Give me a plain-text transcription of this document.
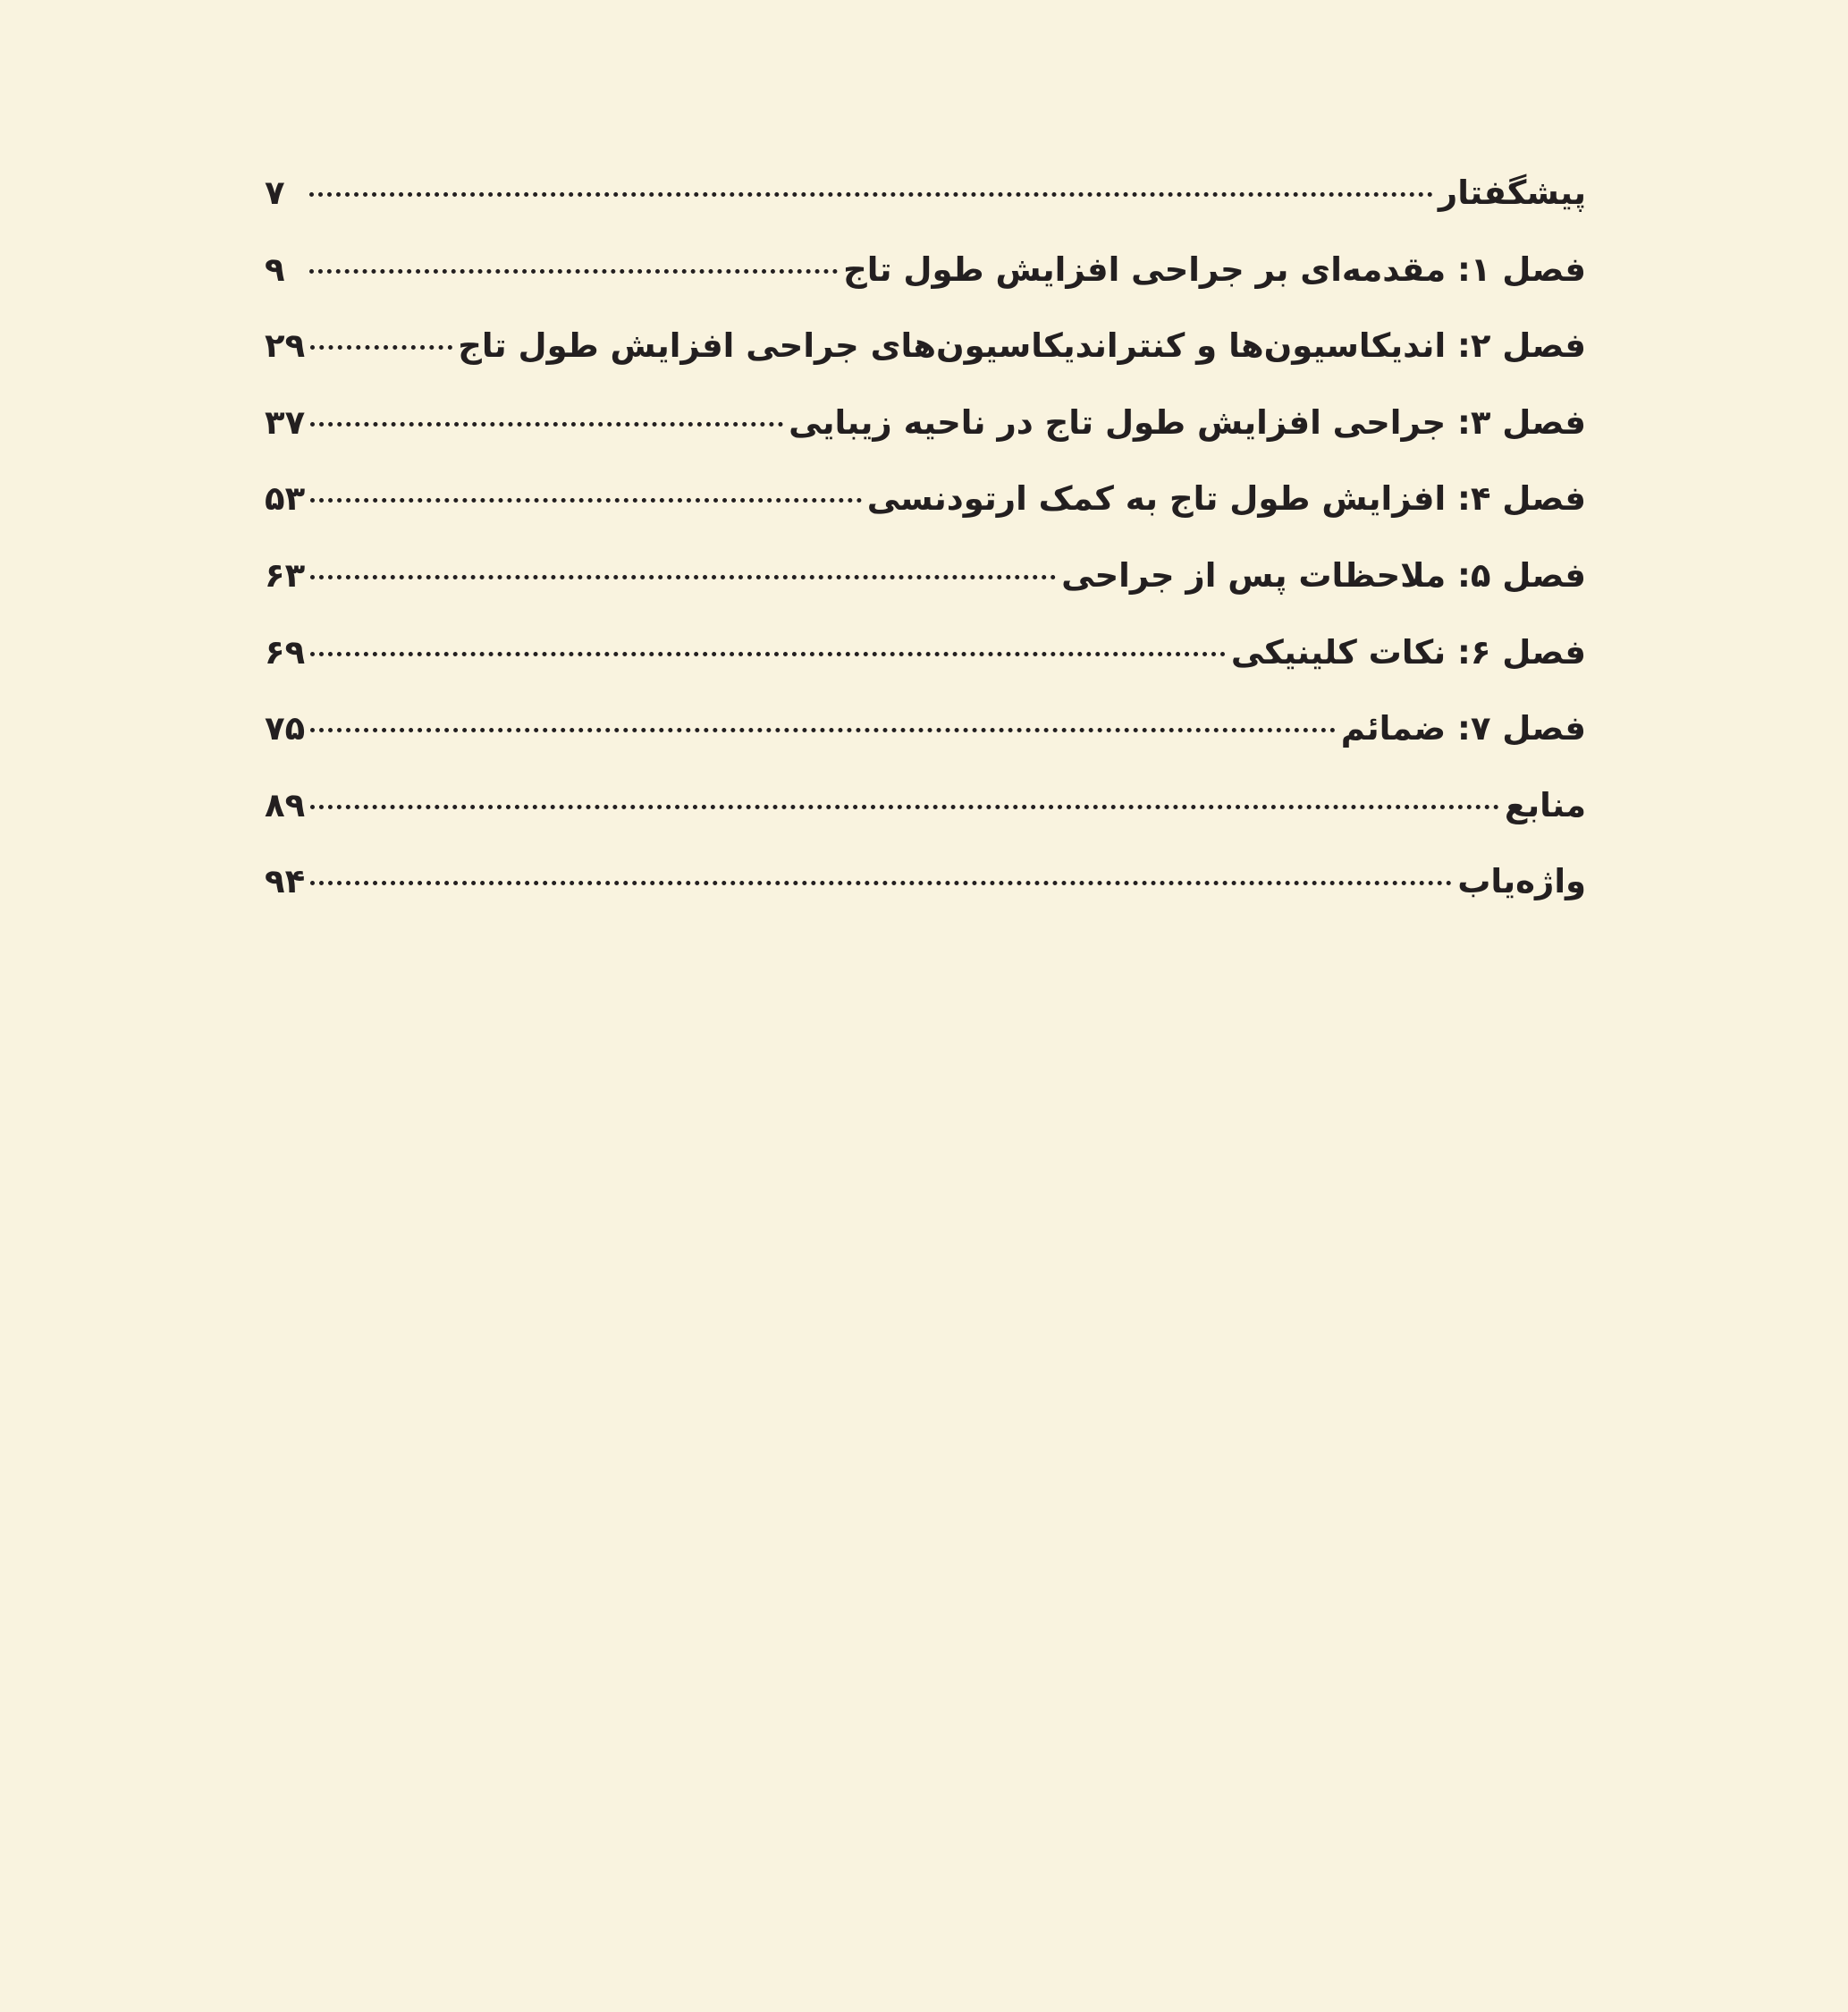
پیشگفتار
۷
فصل ۱: مقدمه‌ای بر جراحی افزایش طول تاج
۹
فصل ۲: اندیکاسیون‌ها و کنتراندیکاسیون‌های جراحی افزایش طول تاج
۲۹
فصل ۳: جراحی افزایش طول تاج در ناحیه زیبایی
۳۷
فصل ۴: افزایش طول تاج به کمک ارتودنسی
۵۳
فصل ۵: ملاحظات پس از جراحی
۶۳
فصل ۶: نکات کلینیکی
۶۹
فصل ۷: ضمائم
۷۵
منابع
۸۹
واژه‌یاب
۹۴
